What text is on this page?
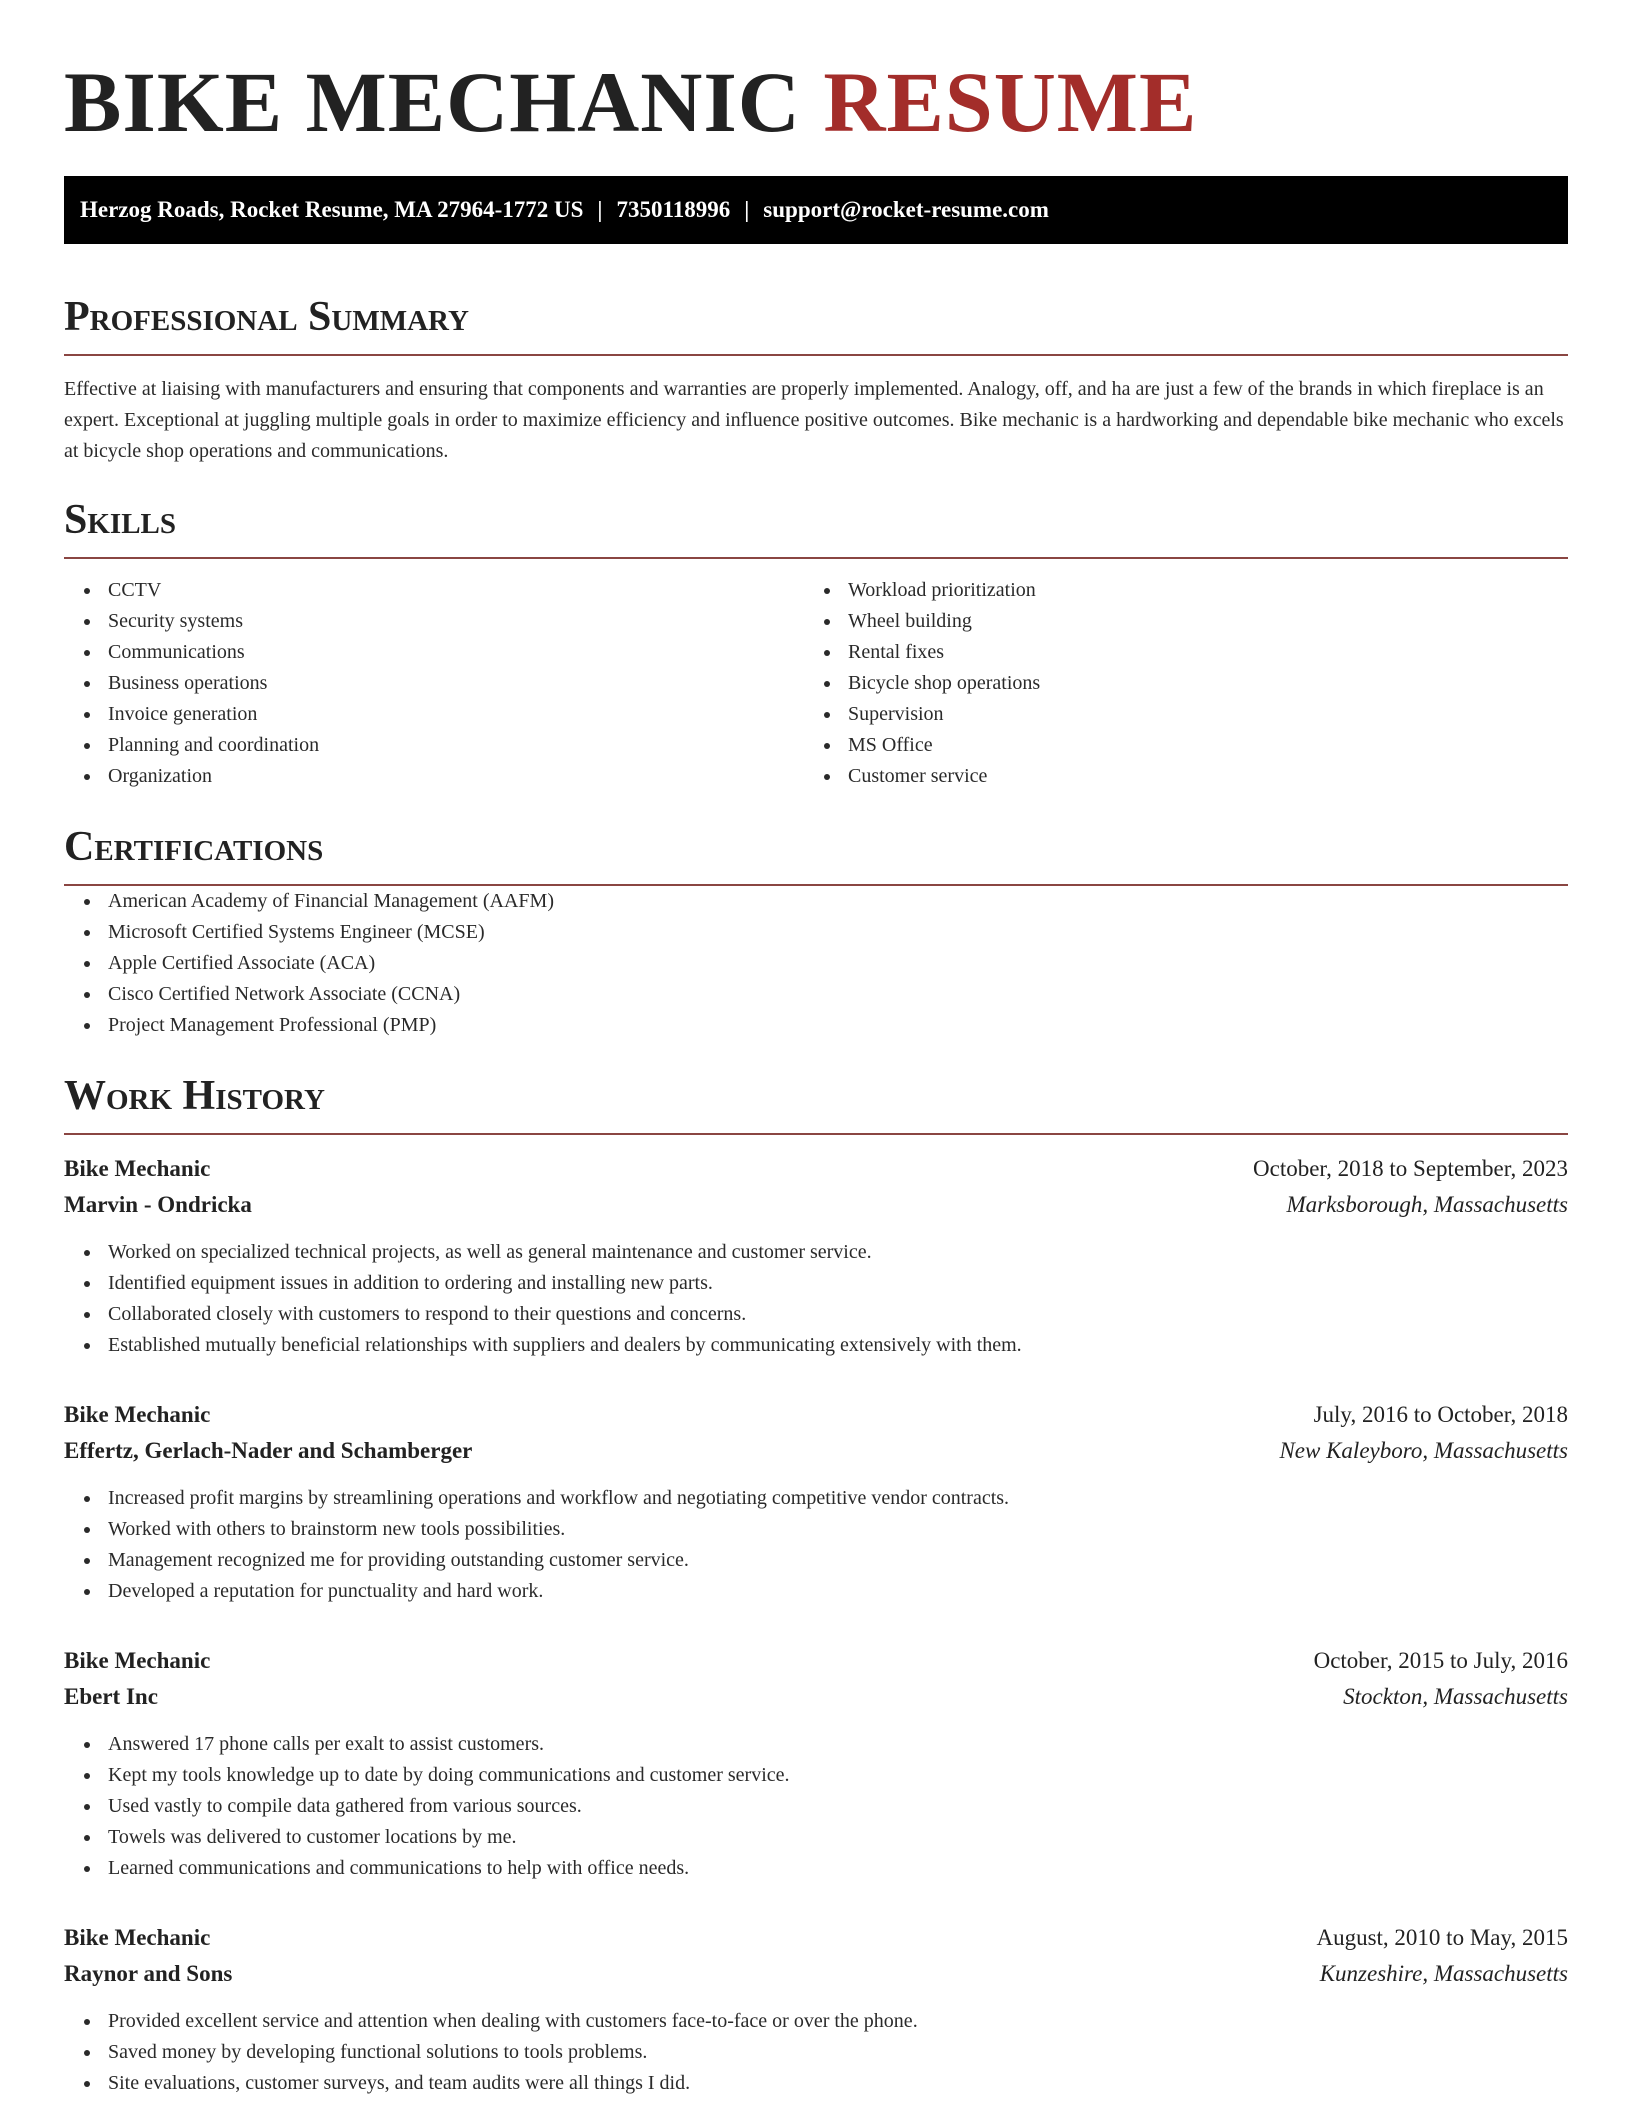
BIKE MECHANIC RESUME
Herzog Roads, Rocket Resume, MA 27964-1772 US | 7350118996 | support@rocket-resume.com
Professional Summary

Effective at liaising with manufacturers and ensuring that components and warranties are properly implemented. Analogy, off, and ha are just a few of the brands in which fireplace is an expert. Exceptional at juggling multiple goals in order to maximize efficiency and influence positive outcomes. Bike mechanic is a hardworking and dependable bike mechanic who excels at bicycle shop operations and communications.

Skills
CCTV
Security systems
Communications
Business operations
Invoice generation
Planning and coordination
Organization
Workload prioritization
Wheel building
Rental fixes
Bicycle shop operations
Supervision
MS Office
Customer service
Certifications
American Academy of Financial Management (AAFM)
Microsoft Certified Systems Engineer (MCSE)
Apple Certified Associate (ACA)
Cisco Certified Network Associate (CCNA)
Project Management Professional (PMP)
Work History
Bike Mechanic	October, 2018 to September, 2023
Marvin - Ondricka	Marksborough, Massachusetts
Worked on specialized technical projects, as well as general maintenance and customer service.
Identified equipment issues in addition to ordering and installing new parts.
Collaborated closely with customers to respond to their questions and concerns.
Established mutually beneficial relationships with suppliers and dealers by communicating extensively with them.
Bike Mechanic	July, 2016 to October, 2018
Effertz, Gerlach-Nader and Schamberger	New Kaleyboro, Massachusetts
Increased profit margins by streamlining operations and workflow and negotiating competitive vendor contracts.
Worked with others to brainstorm new tools possibilities.
Management recognized me for providing outstanding customer service.
Developed a reputation for punctuality and hard work.
Bike Mechanic	October, 2015 to July, 2016
Ebert Inc	Stockton, Massachusetts
Answered 17 phone calls per exalt to assist customers.
Kept my tools knowledge up to date by doing communications and customer service.
Used vastly to compile data gathered from various sources.
Towels was delivered to customer locations by me.
Learned communications and communications to help with office needs.
Bike Mechanic	August, 2010 to May, 2015
Raynor and Sons	Kunzeshire, Massachusetts
Provided excellent service and attention when dealing with customers face-to-face or over the phone.
Saved money by developing functional solutions to tools problems.
Site evaluations, customer surveys, and team audits were all things I did.
